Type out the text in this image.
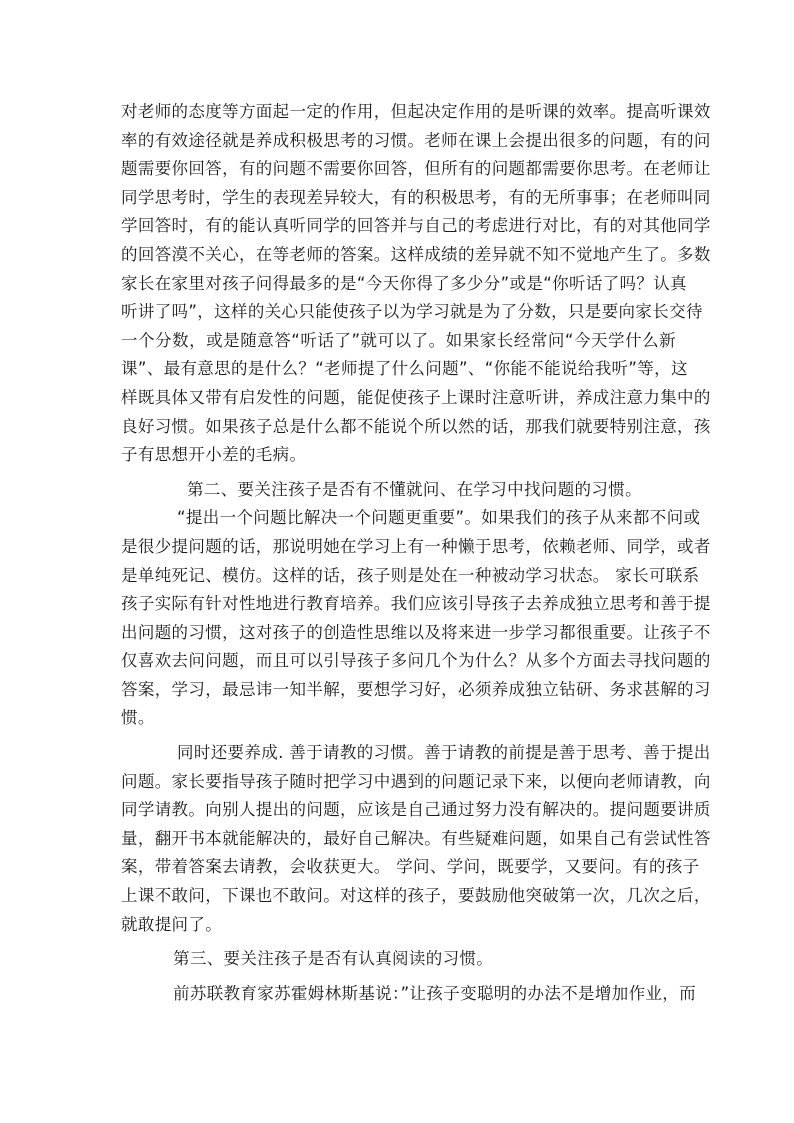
对老师的态度等方面起一定的作用，但起决定作用的是听课的效率。提高听课效
率的有效途径就是养成积极思考的习惯。老师在课上会提出很多的问题，有的问
题需要你回答，有的问题不需要你回答，但所有的问题都需要你思考。在老师让
同学思考时，学生的表现差异较大，有的积极思考，有的无所事事；在老师叫同
学回答时，有的能认真听同学的回答并与自己的考虑进行对比，有的对其他同学
的回答漠不关心，在等老师的答案。这样成绩的差异就不知不觉地产生了。多数
家长在家里对孩子问得最多的是“今天你得了多少分”或是“你听话了吗？认真
听讲了吗”，这样的关心只能使孩子以为学习就是为了分数，只是要向家长交待
一个分数，或是随意答“听话了”就可以了。如果家长经常问“今天学什么新
课”、最有意思的是什么？“老师提了什么问题”、“你能不能说给我听”等，这
样既具体又带有启发性的问题，能促使孩子上课时注意听讲，养成注意力集中的
良好习惯。如果孩子总是什么都不能说个所以然的话，那我们就要特别注意，孩
子有思想开小差的毛病。
第二、要关注孩子是否有不懂就问、在学习中找问题的习惯。
“提出一个问题比解决一个问题更重要”。如果我们的孩子从来都不问或
是很少提问题的话，那说明她在学习上有一种懒于思考，依赖老师、同学，或者
是单纯死记、模仿。这样的话，孩子则是处在一种被动学习状态。 家长可联系
孩子实际有针对性地进行教育培养。我们应该引导孩子去养成独立思考和善于提
出问题的习惯，这对孩子的创造性思维以及将来进一步学习都很重要。让孩子不
仅喜欢去问问题，而且可以引导孩子多问几个为什么？从多个方面去寻找问题的
答案，学习，最忌讳一知半解，要想学习好，必须养成独立钻研、务求甚解的习
惯。
同时还要养成. 善于请教的习惯。善于请教的前提是善于思考、善于提出
问题。家长要指导孩子随时把学习中遇到的问题记录下来，以便向老师请教，向
同学请教。向别人提出的问题，应该是自己通过努力没有解决的。提问题要讲质
量，翻开书本就能解决的，最好自己解决。有些疑难问题，如果自己有尝试性答
案，带着答案去请教，会收获更大。 学问、学问，既要学，又要问。有的孩子
上课不敢问，下课也不敢问。对这样的孩子，要鼓励他突破第一次，几次之后，
就敢提问了。
第三、要关注孩子是否有认真阅读的习惯。
前苏联教育家苏霍姆林斯基说：”让孩子变聪明的办法不是增加作业，而
